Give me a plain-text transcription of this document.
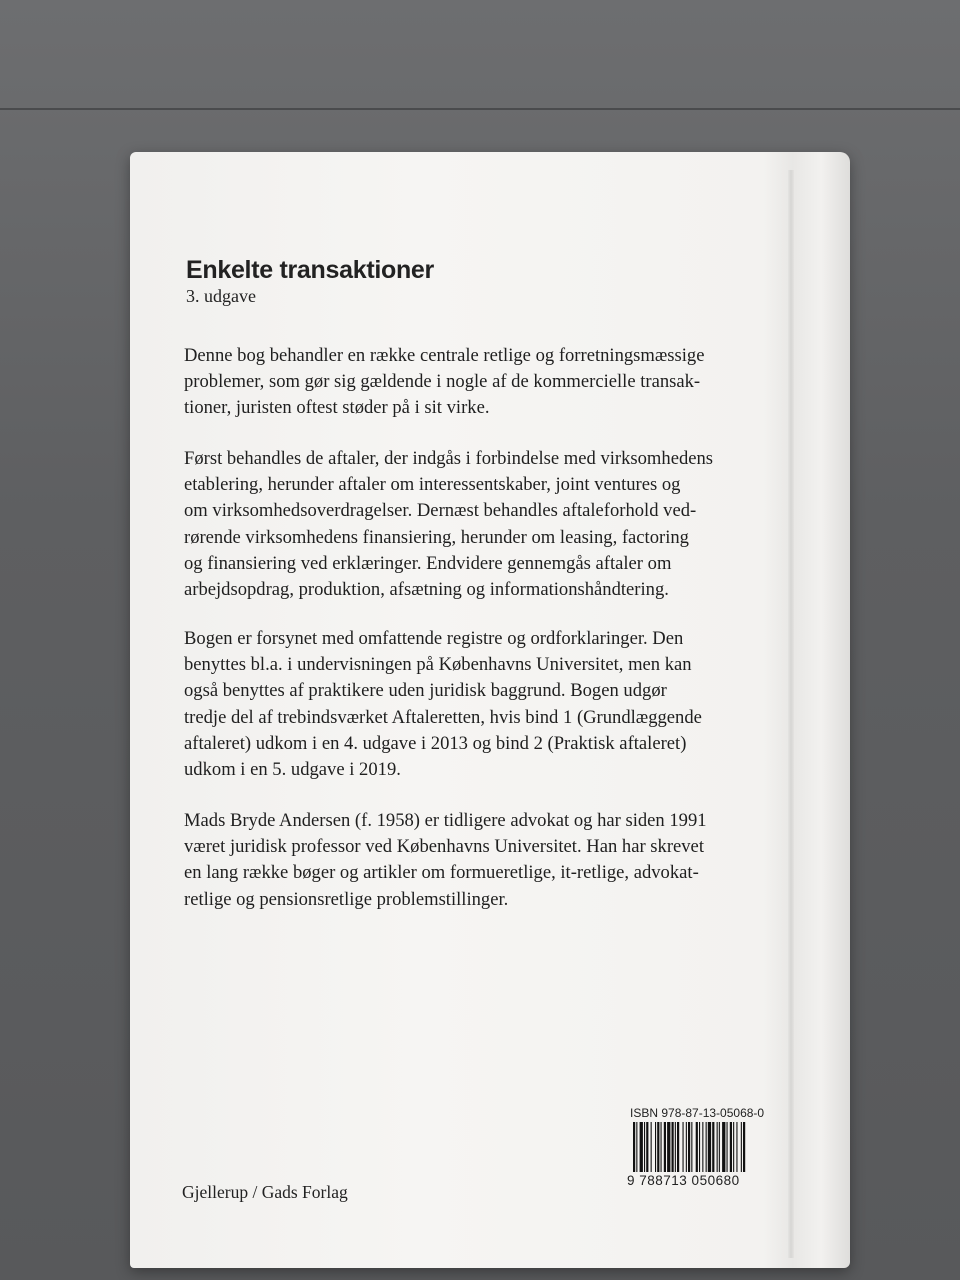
Enkelte transaktioner
3. udgave
Denne bog behandler en række centrale retlige og forretningsmæssige
problemer, som gør sig gældende i nogle af de kommercielle transak-
tioner, juristen oftest støder på i sit virke.
Først behandles de aftaler, der indgås i forbindelse med virksomhedens
etablering, herunder aftaler om interessentskaber, joint ventures og
om virksomhedsoverdragelser. Dernæst behandles aftaleforhold ved-
rørende virksomhedens finansiering, herunder om leasing, factoring
og finansiering ved erklæringer. Endvidere gennemgås aftaler om
arbejdsopdrag, produktion, afsætning og informationshåndtering.
Bogen er forsynet med omfattende registre og ordforklaringer. Den
benyttes bl.a. i undervisningen på Københavns Universitet, men kan
også benyttes af praktikere uden juridisk baggrund. Bogen udgør
tredje del af trebindsværket Aftaleretten, hvis bind 1 (Grundlæggende
aftaleret) udkom i en 4. udgave i 2013 og bind 2 (Praktisk aftaleret)
udkom i en 5. udgave i 2019.
Mads Bryde Andersen (f. 1958) er tidligere advokat og har siden 1991
været juridisk professor ved Københavns Universitet. Han har skrevet
en lang række bøger og artikler om formueretlige, it-retlige, advokat-
retlige og pensionsretlige problemstillinger.
ISBN 978-87-13-05068-0
9 788713 050680
Gjellerup / Gads Forlag
